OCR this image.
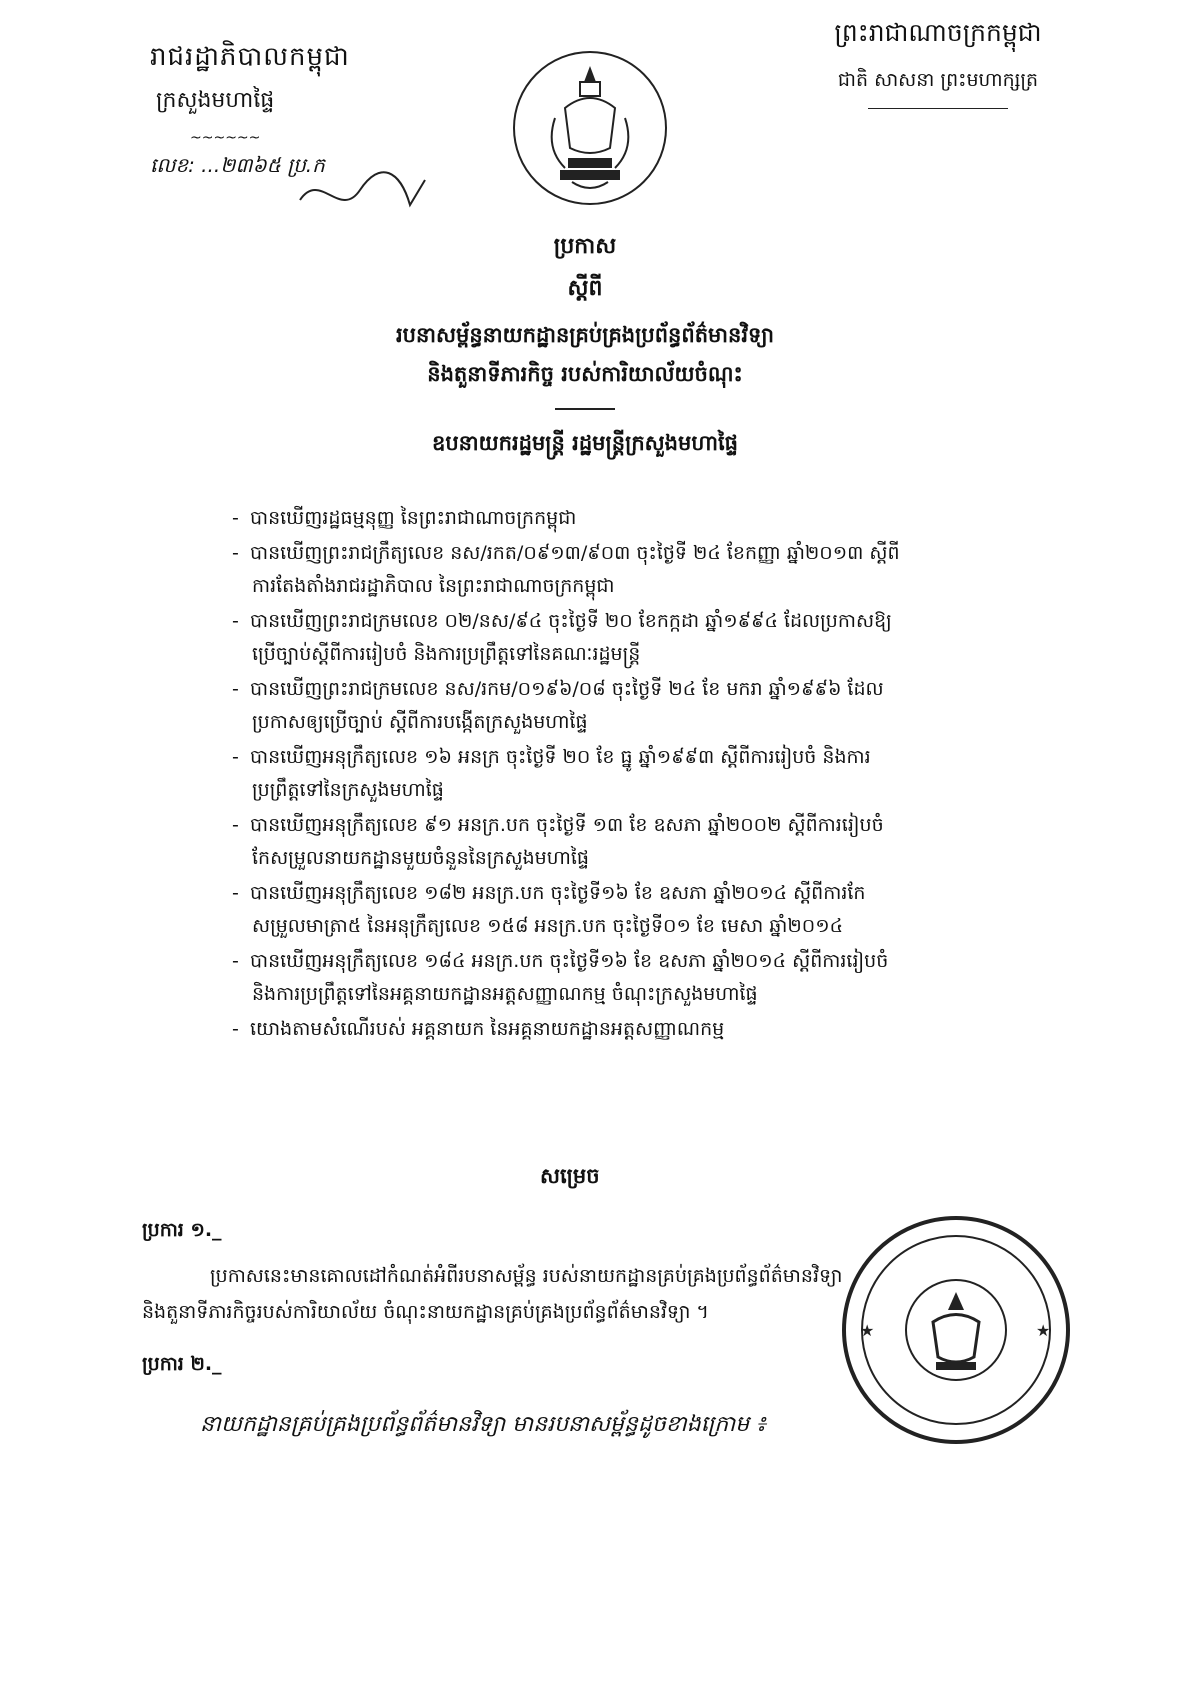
រាជរដ្ឋាភិបាលកម្ពុជា
ក្រសួងមហាផ្ទៃ
~~~~~~
លេខ: ...២៣៦៥ ប្រ.ក
ព្រះរាជាណាចក្រកម្ពុជា
ជាតិ សាសនា ព្រះមហាក្សត្រ
ប្រកាស
ស្តីពី
របនាសម្ព័ន្ធនាយកដ្ឋានគ្រប់គ្រងប្រព័ន្ធព័ត៌មានវិទ្យា
និងតួនាទីភារកិច្ច របស់ការិយាល័យចំណុះ
ឧបនាយករដ្ឋមន្ត្រី រដ្ឋមន្ត្រីក្រសួងមហាផ្ទៃ
- បានឃើញរដ្ឋធម្មនុញ្ញ នៃព្រះរាជាណាចក្រកម្ពុជា
- បានឃើញព្រះរាជក្រឹត្យលេខ នស/រកត/០៩១៣/៩០៣ ចុះថ្ងៃទី ២៤ ខែកញ្ញា ឆ្នាំ២០១៣ ស្តីពី
ការតែងតាំងរាជរដ្ឋាភិបាល នៃព្រះរាជាណាចក្រកម្ពុជា
- បានឃើញព្រះរាជក្រមលេខ ០២/នស/៩៤ ចុះថ្ងៃទី ២០ ខែកក្កដា ឆ្នាំ១៩៩៤ ដែលប្រកាសឱ្យ
ប្រើច្បាប់ស្តីពីការរៀបចំ និងការប្រព្រឹត្តទៅនៃគណៈរដ្ឋមន្ត្រី
- បានឃើញព្រះរាជក្រមលេខ នស/រកម/០១៩៦/០៨ ចុះថ្ងៃទី ២៤ ខែ មករា ឆ្នាំ១៩៩៦ ដែល
ប្រកាសឲ្យប្រើច្បាប់ ស្តីពីការបង្កើតក្រសួងមហាផ្ទៃ
- បានឃើញអនុក្រឹត្យលេខ ១៦ អនក្រ ចុះថ្ងៃទី ២០ ខែ ធ្នូ ឆ្នាំ១៩៩៣ ស្តីពីការរៀបចំ និងការ
ប្រព្រឹត្តទៅនៃក្រសួងមហាផ្ទៃ
- បានឃើញអនុក្រឹត្យលេខ ៩១ អនក្រ.បក ចុះថ្ងៃទី ១៣ ខែ ឧសភា ឆ្នាំ២០០២ ស្តីពីការរៀបចំ
កែសម្រួលនាយកដ្ឋានមួយចំនួននៃក្រសួងមហាផ្ទៃ
- បានឃើញអនុក្រឹត្យលេខ ១៨២ អនក្រ.បក ចុះថ្ងៃទី១៦ ខែ ឧសភា ឆ្នាំ២០១៤ ស្តីពីការកែ
សម្រួលមាត្រា៥ នៃអនុក្រឹត្យលេខ ១៥៨ អនក្រ.បក ចុះថ្ងៃទី០១ ខែ មេសា ឆ្នាំ២០១៤
- បានឃើញអនុក្រឹត្យលេខ ១៨៤ អនក្រ.បក ចុះថ្ងៃទី១៦ ខែ ឧសភា ឆ្នាំ២០១៤ ស្តីពីការរៀបចំ
និងការប្រព្រឹត្តទៅនៃអគ្គនាយកដ្ឋានអត្តសញ្ញាណកម្ម ចំណុះក្រសួងមហាផ្ទៃ
- យោងតាមសំណើរបស់ អគ្គនាយក នៃអគ្គនាយកដ្ឋានអត្តសញ្ញាណកម្ម
សម្រេច
ប្រការ ១._
ប្រកាសនេះមានគោលដៅកំណត់អំពីរបនាសម្ព័ន្ធ របស់នាយកដ្ឋានគ្រប់គ្រងប្រព័ន្ធព័ត៌មានវិទ្យា
និងតួនាទីភារកិច្ចរបស់ការិយាល័យ ចំណុះនាយកដ្ឋានគ្រប់គ្រងប្រព័ន្ធព័ត៌មានវិទ្យា ។
★	★
ប្រការ ២._
នាយកដ្ឋានគ្រប់គ្រងប្រព័ន្ធព័ត៌មានវិទ្យា មានរបនាសម្ព័ន្ធដូចខាងក្រោម ៖
